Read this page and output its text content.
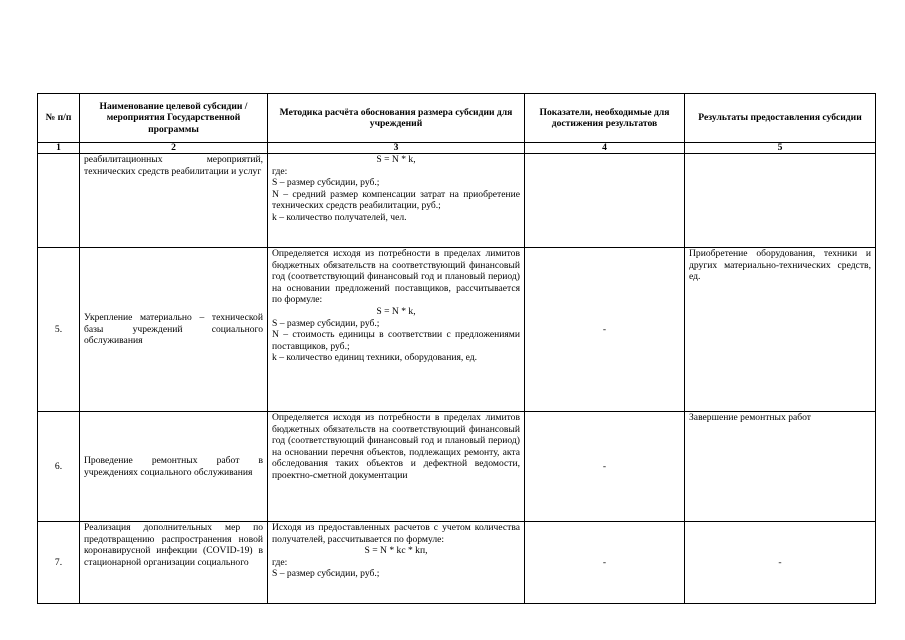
№ п/п	Наименование целевой субсидии /мероприятия Государственной программы	Методика расчёта обоснования размера субсидии для учреждений	Показатели, необходимые для достижения результатов	Результаты предоставления субсидии
1	2	3	4	5
	реабилитационных мероприятий, технических средств реабилитации и услуг	S = N * k,

где:

S – размер субсидии, руб.;

N – средний размер компенсации затрат на приобретение технических средств реабилитации, руб.;

k – количество получателей, чел.		

5.	Укрепление материально – технической базы учреждений социального обслуживания	Определяется исходя из потребности в пределах лимитов бюджетных обязательств на соответствующий финансовый год (соответствующий финансовый год и плановый период) на основании предложений поставщиков, рассчитывается по формуле:

S = N * k,

S – размер субсидии, руб.;

N – стоимость единицы в соответствии с предложениями поставщиков, руб.;

k – количество единиц техники, оборудования, ед.	-	Приобретение оборудования, техники и других материально-технических средств, ед.
6.	Проведение ремонтных работ в учреждениях социального обслуживания	Определяется исходя из потребности в пределах лимитов бюджетных обязательств на соответствующий финансовый год (соответствующий финансовый год и плановый период) на основании перечня объектов, подлежащих ремонту, акта обследования таких объектов и дефектной ведомости, проектно-сметной документации	-	Завершение ремонтных работ
7.	Реализация дополнительных мер по предотвращению распространения новой коронавирусной инфекции (COVID-19) в стационарной организации социального	Исходя из предоставленных расчетов с учетом количества получателей, рассчитывается по формуле:

S = N * kс * kп,

где:

S – размер субсидии, руб.;	-	-
